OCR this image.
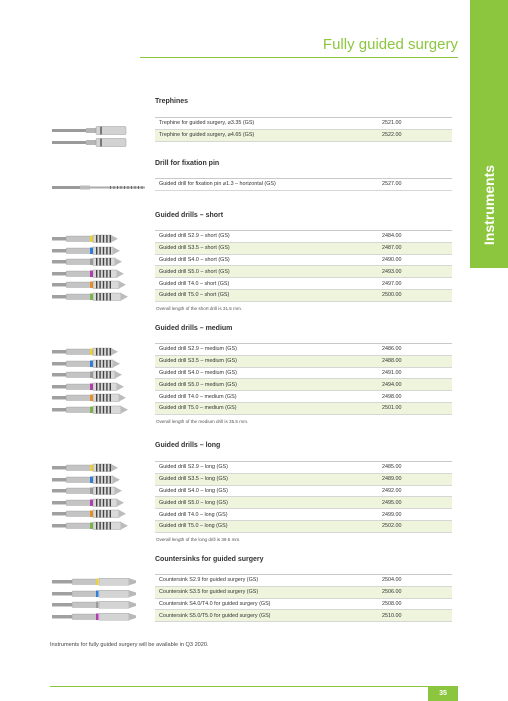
Instruments
Fully guided surgery
Trephines
Trephine for guided surgery, ⌀3.35 (GS)	2521.00
Trephine for guided surgery, ⌀4.65 (GS)	2522.00
Drill for fixation pin
Guided drill for fixation pin ⌀1.3 – horizontal (GS)	2527.00
Guided drills – short
Guided drill S2.9 – short (GS)	2484.00
Guided drill S3.5 – short (GS)	2487.00
Guided drill S4.0 – short (GS)	2490.00
Guided drill S5.0 – short (GS)	2493.00
Guided drill T4.0 – short (GS)	2497.00
Guided drill T5.0 – short (GS)	2500.00
Overall length of the short drill is 31.5 mm.
Guided drills – medium
Guided drill S2.9 – medium (GS)	2486.00
Guided drill S3.5 – medium (GS)	2488.00
Guided drill S4.0 – medium (GS)	2491.00
Guided drill S5.0 – medium (GS)	2494.00
Guided drill T4.0 – medium (GS)	2498.00
Guided drill T5.0 – medium (GS)	2501.00
Overall length of the medium drill is 35.5 mm.
Guided drills – long
Guided drill S2.9 – long (GS)	2485.00
Guided drill S3.5 – long (GS)	2489.00
Guided drill S4.0 – long (GS)	2492.00
Guided drill S5.0 – long (GS)	2495.00
Guided drill T4.0 – long (GS)	2499.00
Guided drill T5.0 – long (GS)	2502.00
Overall length of the long drill is 39.5 mm.
Countersinks for guided surgery
Countersink S2.9 for guided surgery (GS)	2504.00
Countersink S3.5 for guided surgery (GS)	2506.00
Countersink S4.0/T4.0 for guided surgery (GS)	2508.00
Countersink S5.0/T5.0 for guided surgery (GS)	2510.00
Instruments for fully guided surgery will be available in Q3 2020.
35
